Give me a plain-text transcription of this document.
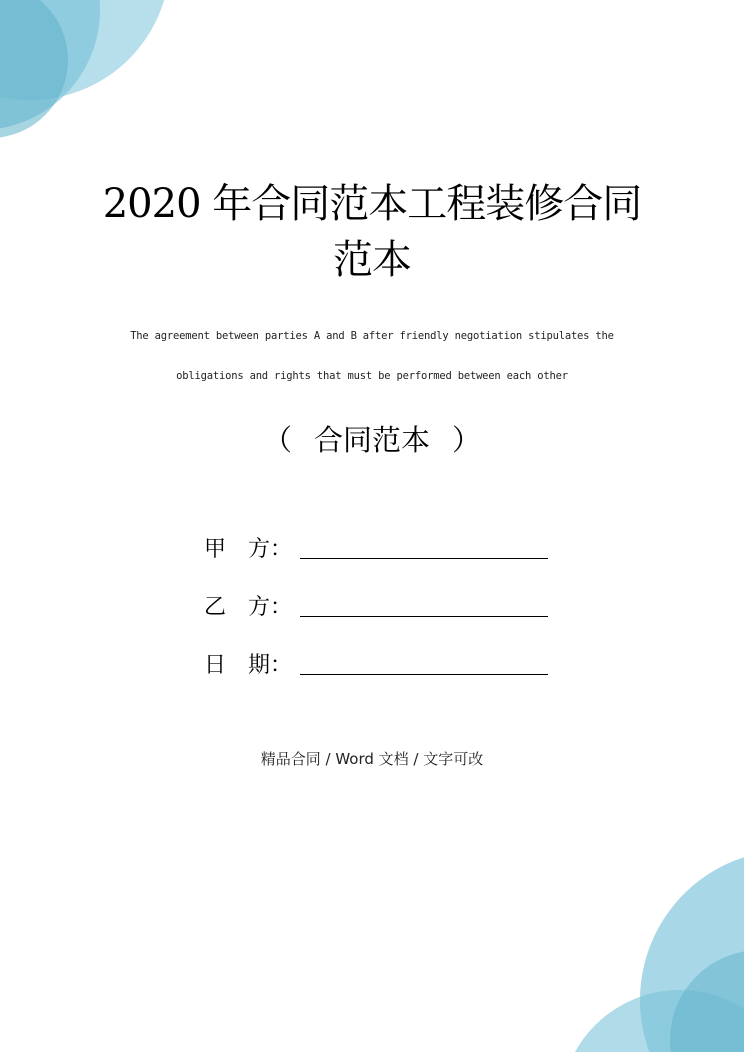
2020 年合同范本工程装修合同
范本
The agreement between parties A and B after friendly negotiation stipulates the
obligations and rights that must be performed between each other
（ 合同范本 ）
甲　方：
乙　方：
日　期：
精品合同 / Word 文档 / 文字可改
